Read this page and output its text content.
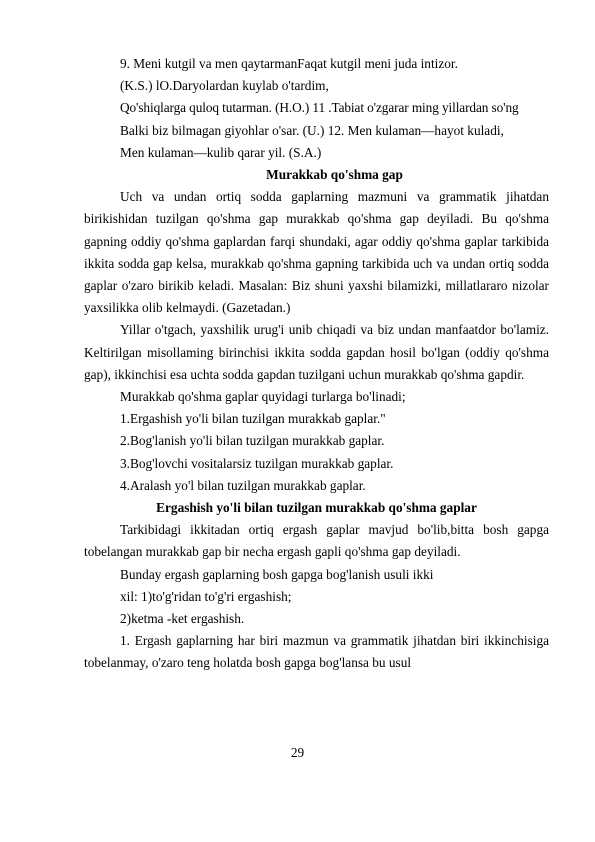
9. Meni kutgil va men qaytarmanFaqat kutgil meni juda intizor.

(K.S.) lO.Daryolardan kuylab o'tardim,

Qo'shiqlarga quloq tutarman. (H.O.) 11 .Tabiat o'zgarar ming yillardan so'ng

Balki biz bilmagan giyohlar o'sar. (U.) 12. Men kulaman—hayot kuladi,

Men kulaman—kulib qarar yil. (S.A.)

Murakkab qo'shma gap

Uch va undan ortiq sodda gaplarning mazmuni va grammatik jihatdan birikishidan tuzilgan qo'shma gap murakkab qo'shma gap deyiladi. Bu qo'shma gapning oddiy qo'shma gaplardan farqi shundaki, agar oddiy qo'shma gaplar tarkibida ikkita sodda gap kelsa, murakkab qo'shma gapning tarkibida uch va undan ortiq sodda gaplar o'zaro birikib keladi. Masalan: Biz shuni yaxshi bilamizki, millatlararo nizolar yaxsilikka olib kelmaydi. (Gazetadan.)

Yillar o'tgach, yaxshilik urug'i unib chiqadi va biz undan manfaatdor bo'lamiz. Keltirilgan misollaming birinchisi ikkita sodda gapdan hosil bo'lgan (oddiy qo'shma gap), ikkinchisi esa uchta sodda gapdan tuzilgani uchun murakkab qo'shma gapdir.

Murakkab qo'shma gaplar quyidagi turlarga bo'linadi;

1.Ergashish yo'li bilan tuzilgan murakkab gaplar."

2.Bog'lanish yo'li bilan tuzilgan murakkab gaplar.

3.Bog'lovchi vositalarsiz tuzilgan murakkab gaplar.

4.Aralash yo'l bilan tuzilgan murakkab gaplar.

Ergashish yo'li bilan tuzilgan murakkab qo'shma gaplar

Tarkibidagi ikkitadan ortiq ergash gaplar mavjud bo'lib,bitta bosh gapga tobelangan murakkab gap bir necha ergash gapli qo'shma gap deyiladi.

Bunday ergash gaplarning bosh gapga bog'lanish usuli ikki

xil: 1)to'g'ridan to'g'ri ergashish;

2)ketma -ket ergashish.

1. Ergash gaplarning har biri mazmun va grammatik jihatdan biri ikkinchisiga tobelanmay, o'zaro teng holatda bosh gapga bog'lansa bu usul

29
